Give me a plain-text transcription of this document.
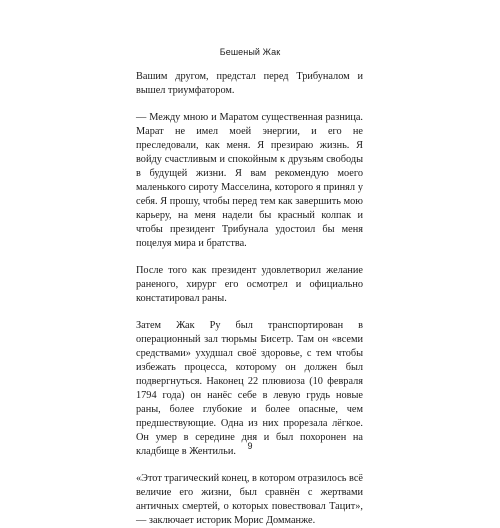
Бешеный Жак

Вашим другом, предстал перед Трибуналом и вышел триумфатором.

— Между мною и Маратом существенная разница. Марат не имел моей энергии, и его не преследовали, как меня. Я презираю жизнь. Я войду счастливым и спокойным к друзьям свободы в будущей жизни. Я вам рекомендую моего маленького сироту Масселина, которого я принял у себя. Я прошу, чтобы перед тем как завершить мою карьеру, на меня надели бы красный колпак и чтобы президент Трибунала удостоил бы меня поцелуя мира и братства.

После того как президент удовлетворил желание раненого, хирург его осмотрел и официально констатировал раны.

Затем Жак Ру был транспортирован в операционный зал тюрьмы Бисетр. Там он «всеми средствами» ухудшал своё здоровье, с тем чтобы избежать процесса, которому он должен был подвергнуться. Наконец 22 плювиоза (10 февраля 1794 года) он нанёс себе в левую грудь новые раны, более глубокие и более опасные, чем предшествующие. Одна из них прорезала лёгкое. Он умер в середине дня и был похоронен на кладбище в Жентильи.

«Этот трагический конец, в котором отразилось всё величие его жизни, был сравнён с жертвами античных смертей, о которых повествовал Тацит», — заключает историк Морис Домманже.

9
